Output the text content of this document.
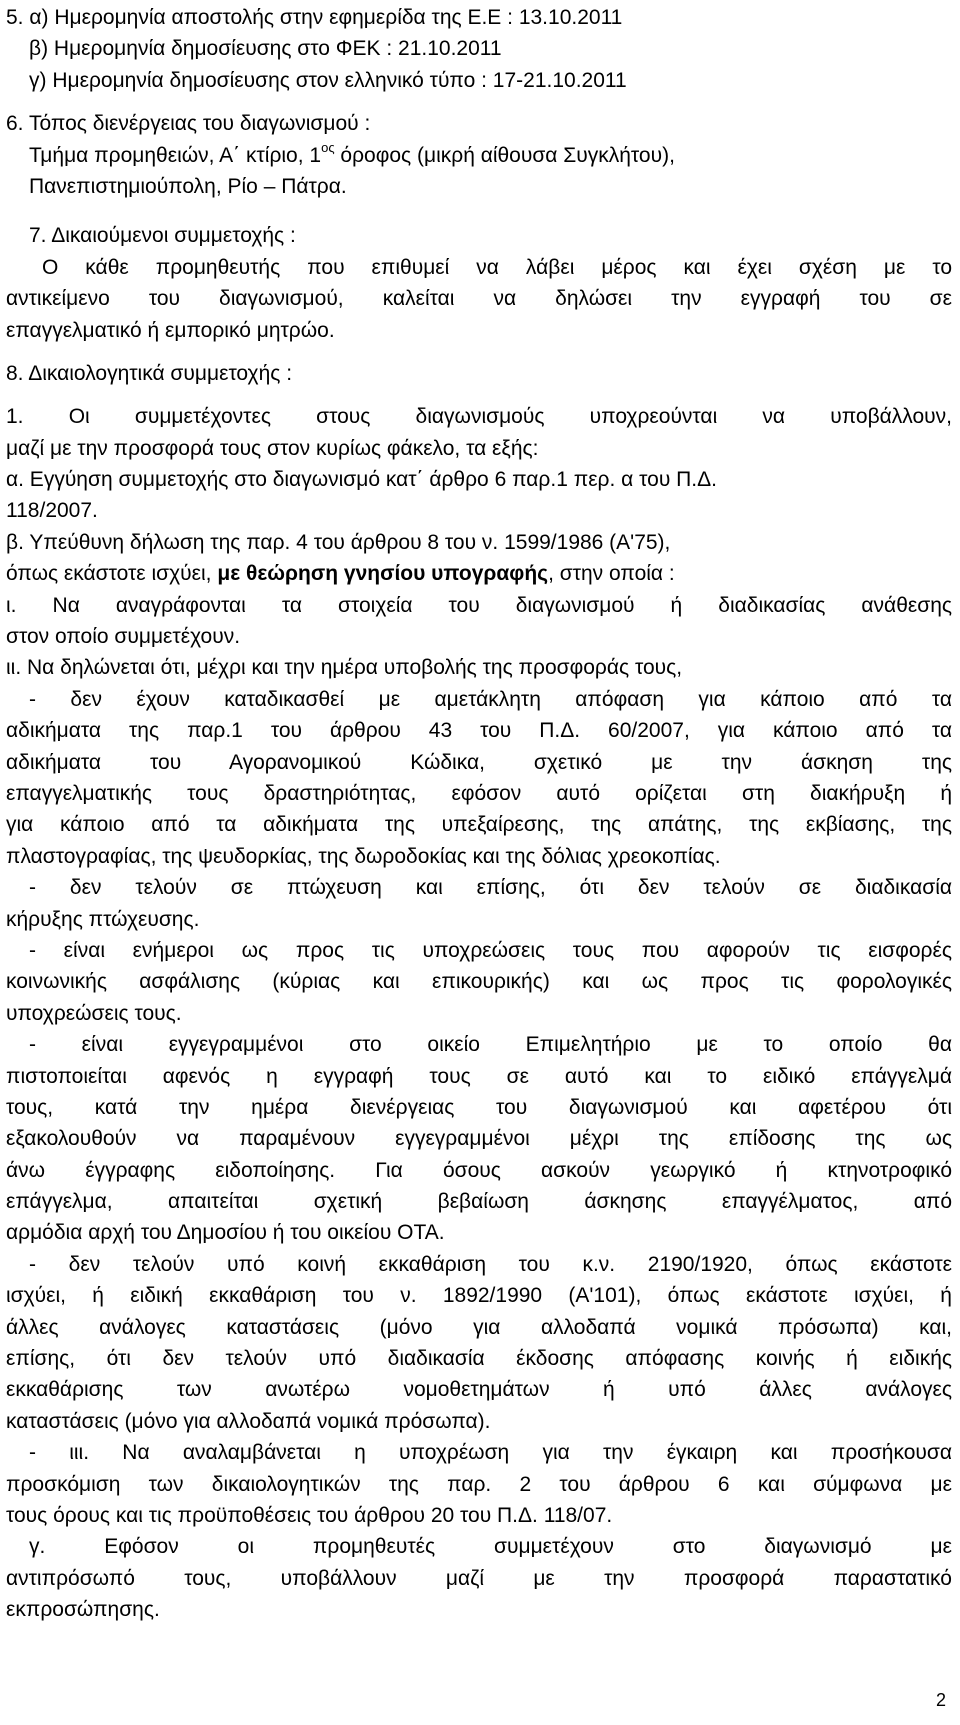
5. α) Ημερομηνία αποστολής στην εφημερίδα της Ε.Ε : 13.10.2011
β) Ημερομηνία δημοσίευσης στο ΦΕΚ : 21.10.2011
γ) Ημερομηνία δημοσίευσης στον ελληνικό τύπο : 17-21.10.2011
6. Τόπος διενέργειας του διαγωνισμού :
Τμήμα προμηθειών, Α΄ κτίριο, $1^{o\varsigma}$ όροφος (μικρή αίθουσα Συγκλήτου),
Πανεπιστημιούπολη, Ρίο – Πάτρα.
7. Δικαιούμενοι συμμετοχής :
Ο κάθε προμηθευτής που επιθυμεί να λάβει μέρος και έχει σχέση με το
αντικείμενο του διαγωνισμού, καλείται να δηλώσει την εγγραφή του σε
επαγγελματικό ή εμπορικό μητρώο.
8. Δικαιολογητικά συμμετοχής :
1. Οι συμμετέχοντες στους διαγωνισμούς υποχρεούνται να υποβάλλουν,
μαζί με την προσφορά τους στον κυρίως φάκελο, τα εξής:
α. Εγγύηση συμμετοχής στο διαγωνισμό κατ΄ άρθρο 6 παρ.1 περ. α του Π.Δ.
118/2007.
β. Υπεύθυνη δήλωση της παρ. 4 του άρθρου 8 του ν. 1599/1986 (Α'75),
όπως εκάστοτε ισχύει, με θεώρηση γνησίου υπογραφής, στην οποία :
ι. Να αναγράφονται τα στοιχεία του διαγωνισμού ή διαδικασίας ανάθεσης
στον οποίο συμμετέχουν.
ιι. Να δηλώνεται ότι, μέχρι και την ημέρα υποβολής της προσφοράς τους,
- δεν έχουν καταδικασθεί με αμετάκλητη απόφαση για κάποιο από τα
αδικήματα της παρ.1 του άρθρου 43 του Π.Δ. 60/2007, για κάποιο από τα
αδικήματα του Αγορανομικού Κώδικα, σχετικό με την άσκηση της
επαγγελματικής τους δραστηριότητας, εφόσον αυτό ορίζεται στη διακήρυξη ή
για κάποιο από τα αδικήματα της υπεξαίρεσης, της απάτης, της εκβίασης, της
πλαστογραφίας, της ψευδορκίας, της δωροδοκίας και της δόλιας χρεοκοπίας.
- δεν τελούν σε πτώχευση και επίσης, ότι δεν τελούν σε διαδικασία
κήρυξης πτώχευσης.
- είναι ενήμεροι ως προς τις υποχρεώσεις τους που αφορούν τις εισφορές
κοινωνικής ασφάλισης (κύριας και επικουρικής) και ως προς τις φορολογικές
υποχρεώσεις τους.
- είναι εγγεγραμμένοι στο οικείο Επιμελητήριο με το οποίο θα
πιστοποιείται αφενός η εγγραφή τους σε αυτό και το ειδικό επάγγελμά
τους, κατά την ημέρα διενέργειας του διαγωνισμού και αφετέρου ότι
εξακολουθούν να παραμένουν εγγεγραμμένοι μέχρι της επίδοσης της ως
άνω έγγραφης ειδοποίησης. Για όσους ασκούν γεωργικό ή κτηνοτροφικό
επάγγελμα, απαιτείται σχετική βεβαίωση άσκησης επαγγέλματος, από
αρμόδια αρχή του Δημοσίου ή του οικείου ΟΤΑ.
- δεν τελούν υπό κοινή εκκαθάριση του κ.ν. 2190/1920, όπως εκάστοτε
ισχύει, ή ειδική εκκαθάριση του ν. 1892/1990 (Α'101), όπως εκάστοτε ισχύει, ή
άλλες ανάλογες καταστάσεις (μόνο για αλλοδαπά νομικά πρόσωπα) και,
επίσης, ότι δεν τελούν υπό διαδικασία έκδοσης απόφασης κοινής ή ειδικής
εκκαθάρισης των ανωτέρω νομοθετημάτων ή υπό άλλες ανάλογες
καταστάσεις (μόνο για αλλοδαπά νομικά πρόσωπα).
- ιιι. Να αναλαμβάνεται η υποχρέωση για την έγκαιρη και προσήκουσα
προσκόμιση των δικαιολογητικών της παρ. 2 του άρθρου 6 και σύμφωνα με
τους όρους και τις προϋποθέσεις του άρθρου 20 του Π.Δ. 118/07.
γ. Εφόσον οι προμηθευτές συμμετέχουν στο διαγωνισμό με
αντιπρόσωπό τους, υποβάλλουν μαζί με την προσφορά παραστατικό
εκπροσώπησης.
2
